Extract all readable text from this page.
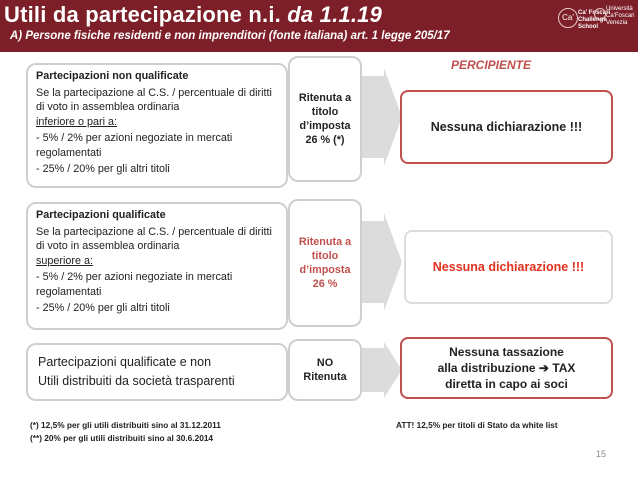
Utili da partecipazione n.i. da 1.1.19
A) Persone fisiche residenti e non imprenditori (fonte italiana) art. 1 legge 205/17
Ca' Ca' Foscari
Challenge
School
Università
Ca'Foscari
Venezia
PERCIPIENTE

Partecipazioni non qualificate

Se la partecipazione al C.S. / percentuale di diritti di voto in assemblea ordinaria
inferiore o pari a:

- 5% / 2% per azioni negoziate in mercati regolamentati

- 25% / 20% per gli altri titoli

Ritenuta a titolo d’imposta 26 % (*)
Nessuna dichiarazione !!!

Partecipazioni qualificate

Se la partecipazione al C.S. / percentuale di diritti di voto in assemblea ordinaria
superiore a:

- 5% / 2% per azioni negoziate in mercati regolamentati

- 25% / 20% per gli altri titoli

Ritenuta a titolo d’imposta 26 %
Nessuna dichiarazione !!!
Partecipazioni qualificate e non
Utili distribuiti da società trasparenti
NO Ritenuta
Nessuna tassazione
alla distribuzione ➔ TAX
diretta in capo ai soci
(*) 12,5% per gli utili distribuiti sino al 31.12.2011
(**) 20% per gli utili distribuiti sino al 30.6.2014
ATT! 12,5% per titoli di Stato da white list
15
